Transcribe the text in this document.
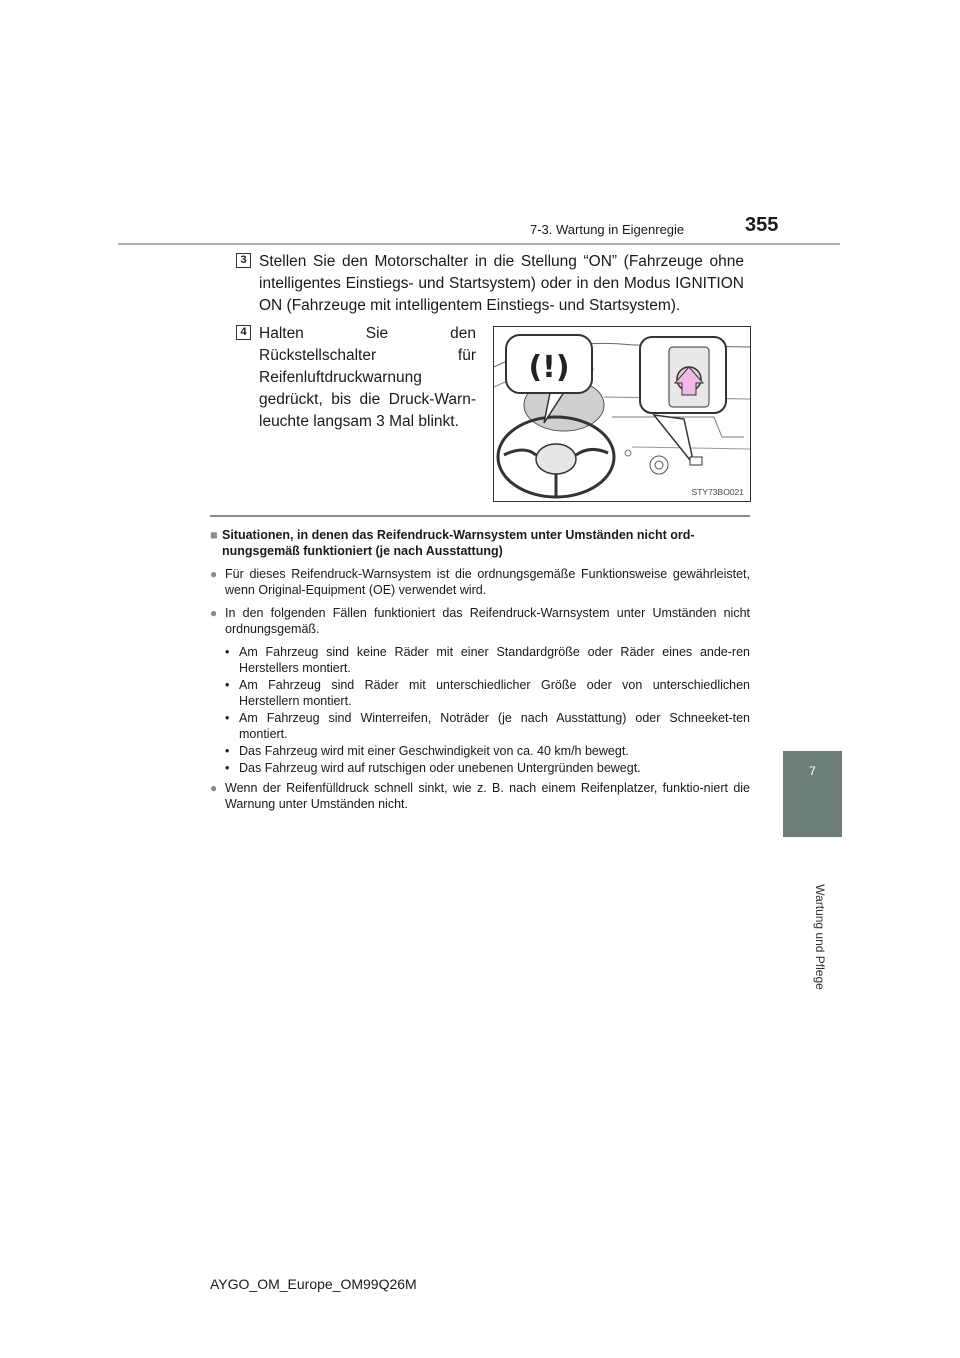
7-3. Wartung in Eigenregie	355
7
Wartung und Pflege
3 Stellen Sie den Motorschalter in die Stellung “ON” (Fahrzeuge ohne intelligentes Einstiegs- und Startsystem) oder in den Modus IGNITION ON (Fahrzeuge mit intelligentem Einstiegs- und Startsystem).
4 Halten Sie den Rückstellschalter für Reifenluftdruckwarnung gedrückt, bis die Druck-Warn-leuchte langsam 3 Mal blinkt.
(!)
STY73BO021
■ Situationen, in denen das Reifendruck-Warnsystem unter Umständen nicht ord-nungsgemäß funktioniert (je nach Ausstattung)
● Für dieses Reifendruck-Warnsystem ist die ordnungsgemäße Funktionsweise gewährleistet, wenn Original-Equipment (OE) verwendet wird.
● In den folgenden Fällen funktioniert das Reifendruck-Warnsystem unter Umständen nicht ordnungsgemäß.
• Am Fahrzeug sind keine Räder mit einer Standardgröße oder Räder eines ande-ren Herstellers montiert.
• Am Fahrzeug sind Räder mit unterschiedlicher Größe oder von unterschiedlichen Herstellern montiert.
• Am Fahrzeug sind Winterreifen, Noträder (je nach Ausstattung) oder Schneeket-ten montiert.
• Das Fahrzeug wird mit einer Geschwindigkeit von ca. 40 km/h bewegt.
• Das Fahrzeug wird auf rutschigen oder unebenen Untergründen bewegt.
● Wenn der Reifenfülldruck schnell sinkt, wie z. B. nach einem Reifenplatzer, funktio-niert die Warnung unter Umständen nicht.
AYGO_OM_Europe_OM99Q26M
